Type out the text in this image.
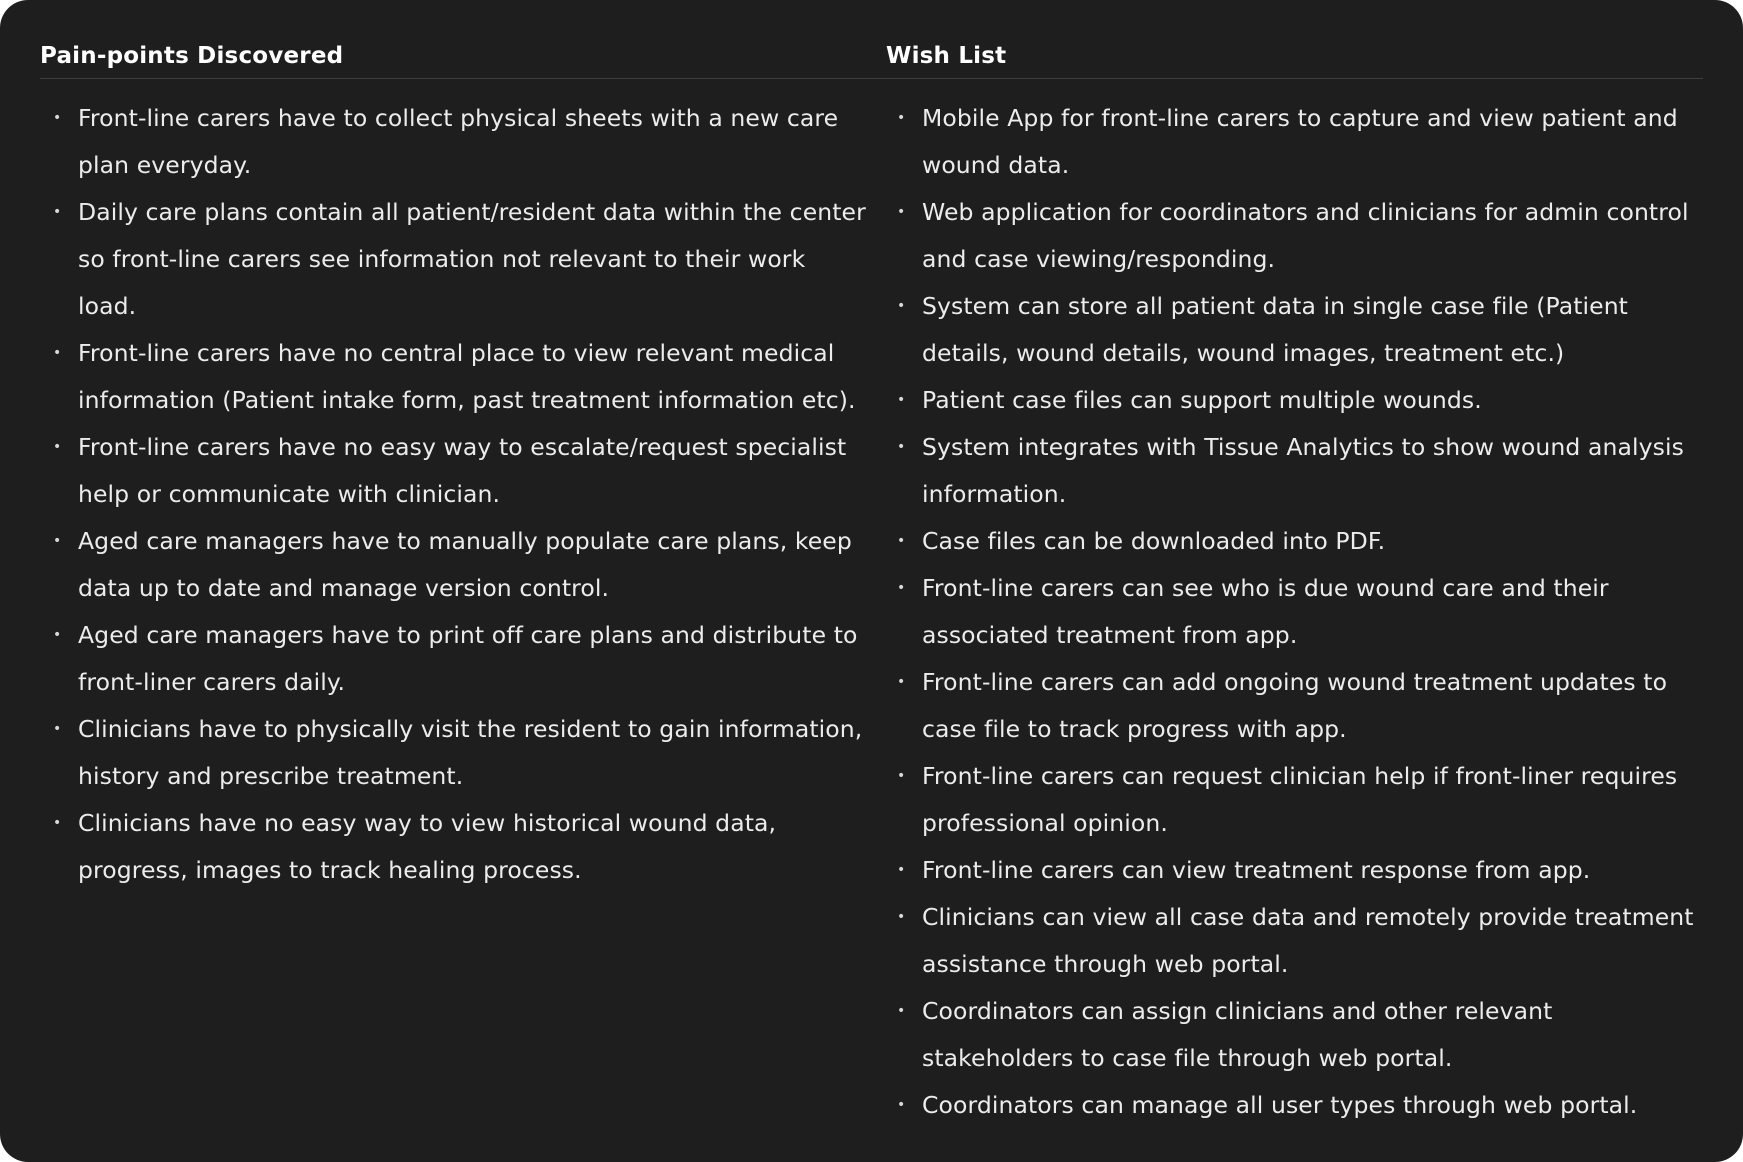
Pain-points Discovered
• Front-line carers have to collect physical sheets with a new care plan everyday.
• Daily care plans contain all patient/resident data within the center so front-line carers see information not relevant to their work load.
• Front-line carers have no central place to view relevant medical information (Patient intake form, past treatment information etc).
• Front-line carers have no easy way to escalate/request specialist help or communicate with clinician.
• Aged care managers have to manually populate care plans, keep data up to date and manage version control.
• Aged care managers have to print off care plans and distribute to front-liner carers daily.
• Clinicians have to physically visit the resident to gain information, history and prescribe treatment.
• Clinicians have no easy way to view historical wound data, progress, images to track healing process.
Wish List
• Mobile App for front-line carers to capture and view patient and wound data.
• Web application for coordinators and clinicians for admin control and case viewing/responding.
• System can store all patient data in single case file (Patient details, wound details, wound images, treatment etc.)
• Patient case files can support multiple wounds.
• System integrates with Tissue Analytics to show wound analysis information.
• Case files can be downloaded into PDF.
• Front-line carers can see who is due wound care and their associated treatment from app.
• Front-line carers can add ongoing wound treatment updates to case file to track progress with app.
• Front-line carers can request clinician help if front-liner requires professional opinion.
• Front-line carers can view treatment response from app.
• Clinicians can view all case data and remotely provide treatment assistance through web portal.
• Coordinators can assign clinicians and other relevant stakeholders to case file through web portal.
• Coordinators can manage all user types through web portal.
